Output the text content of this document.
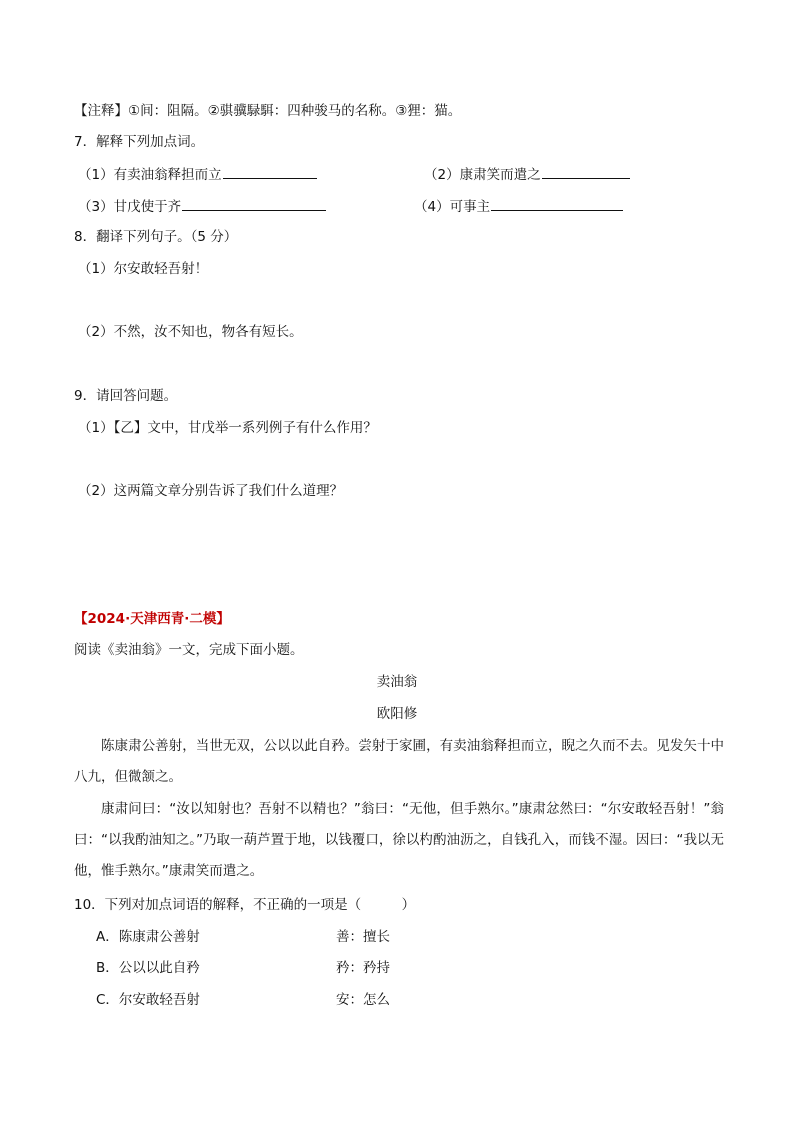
【注释】①间：阻隔。②骐骥騄駬：四种骏马的名称。③狸：猫。
7．解释下列加点词。
（1）有卖油翁释担而立	（2）康肃笑而遣之
（3）甘戊使于齐	（4）可事主
8．翻译下列句子。（5 分）
（1）尔安敢轻吾射！
（2）不然，汝不知也，物各有短长。
9．请回答问题。
（1）【乙】文中，甘戊举一系列例子有什么作用？
（2）这两篇文章分别告诉了我们什么道理？
【2024·天津西青·二模】
阅读《卖油翁》一文，完成下面小题。
卖油翁
欧阳修
陈康肃公善射，当世无双，公以以此自矜。尝射于家圃，有卖油翁释担而立，睨之久而不去。见发矢十中八九，但微颔之。
康肃问曰：“汝以知射也？吾射不以精也？”翁曰：“无他，但手熟尔。”康肃忿然曰：“尔安敢轻吾射！”翁曰：“以我酌油知之。”乃取一葫芦置于地，以钱覆口，徐以杓酌油沥之，自钱孔入，而钱不湿。因曰：“我以无他，惟手熟尔。”康肃笑而遣之。
10．下列对加点词语的解释，不正确的一项是（　　　）
A．陈康肃公善射	善：擅长
B．公以以此自矜	矜：矜持
C．尔安敢轻吾射	安：怎么
